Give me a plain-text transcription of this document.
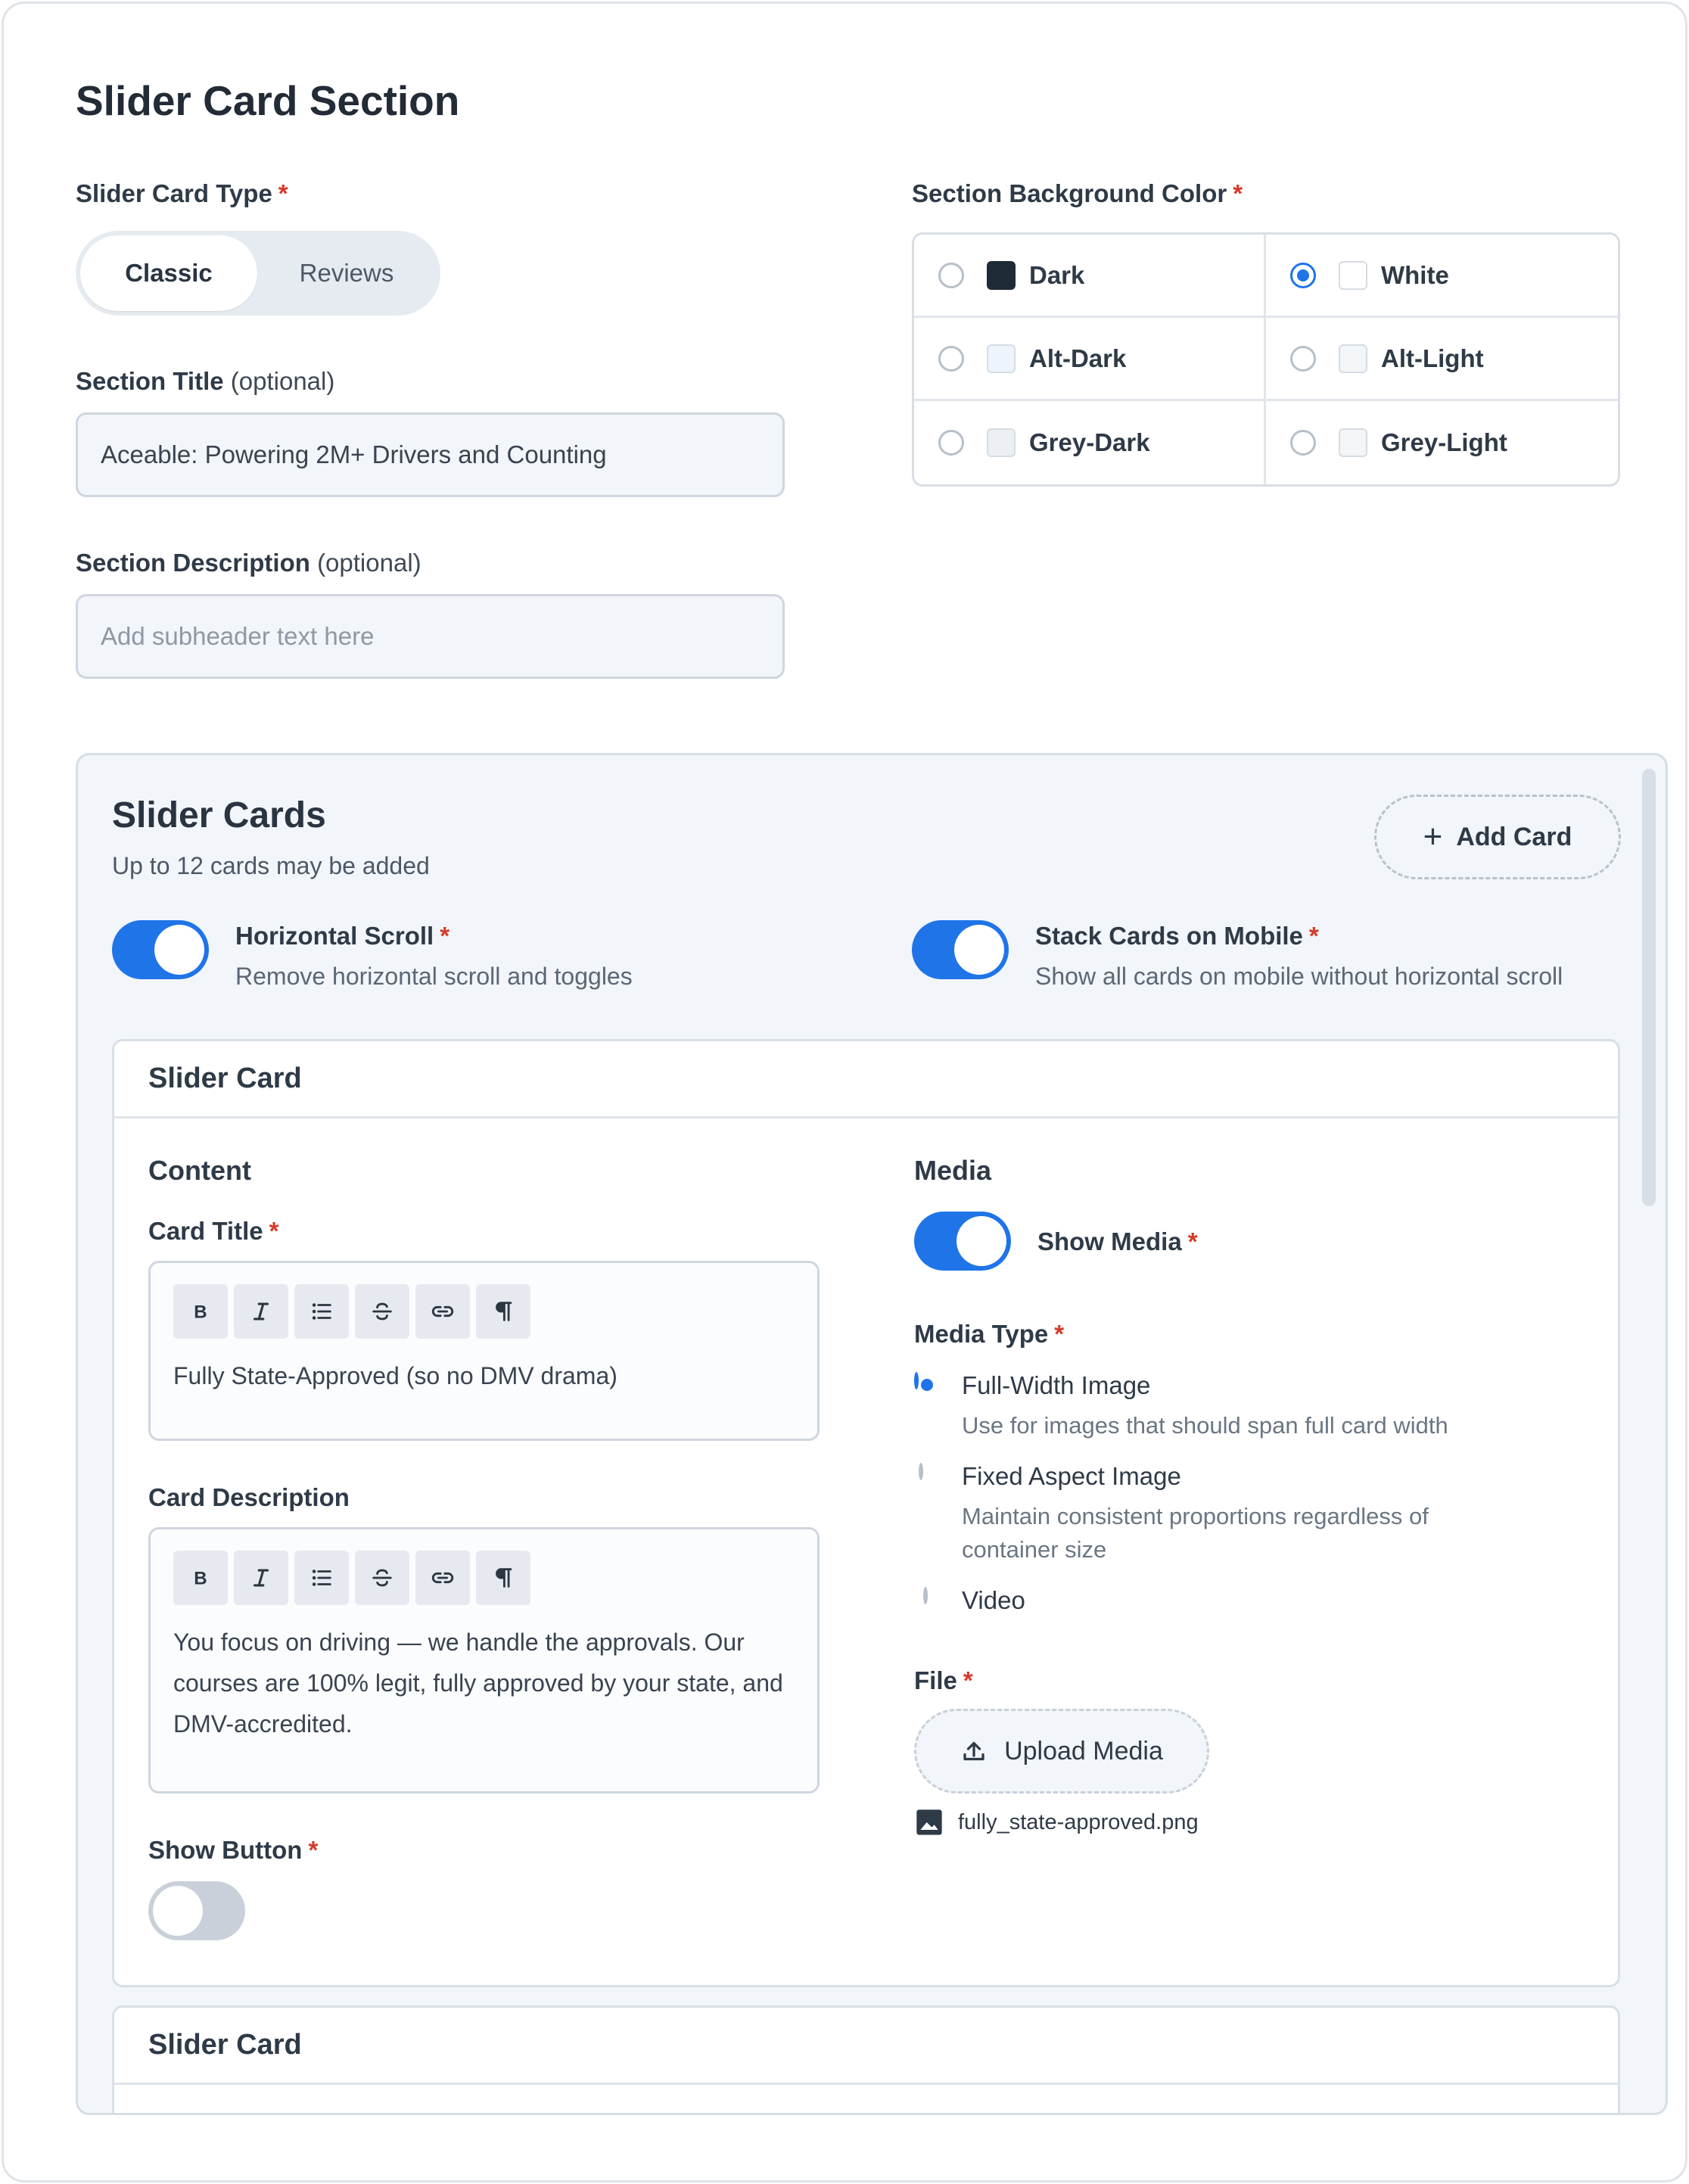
Slider Card Section
Slider Card Type *
Classic	Reviews
Section Title (optional)
Aceable: Powering 2M+ Drivers and Counting
Section Description (optional)
Add subheader text here
Section Background Color *
Dark	White
Alt-Dark	Alt-Light
Grey-Dark	Grey-Light
Slider Cards
Up to 12 cards may be added
+ Add Card
Horizontal Scroll *
Remove horizontal scroll and toggles
Stack Cards on Mobile *
Show all cards on mobile without horizontal scroll
Slider Card
Content
Card Title *
B
Fully State-Approved (so no DMV drama)
Card Description
B
You focus on driving — we handle the approvals. Our
courses are 100% legit, fully approved by your state, and
DMV-accredited.
Show Button *
Media
Show Media *
Media Type *
Full-Width Image
Use for images that should span full card width
Fixed Aspect Image
Maintain consistent proportions regardless of
container size
Video
File *
Upload Media
fully_state-approved.png
Slider Card
